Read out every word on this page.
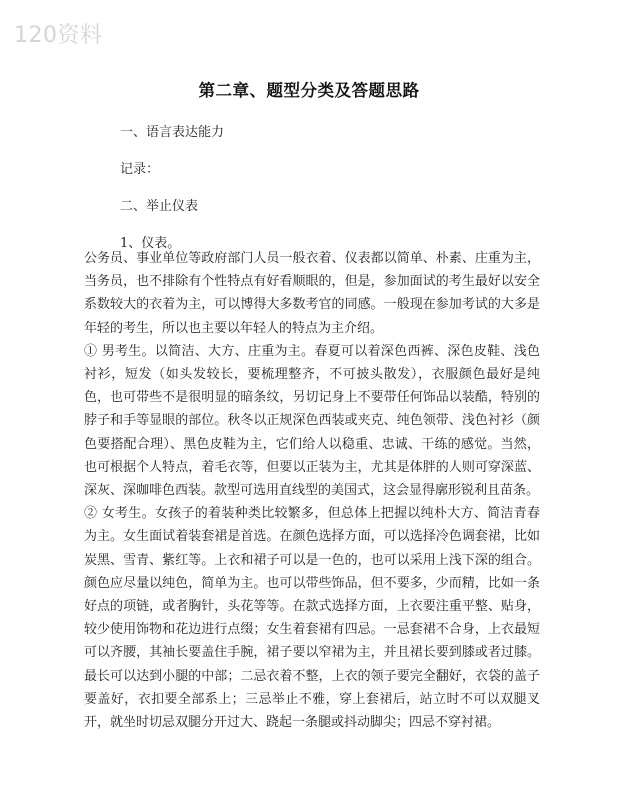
120资料
第二章、题型分类及答题思路
一、语言表达能力
记录：
二、举止仪表
1、仪表。

公务员、事业单位等政府部门人员一般衣着、仪表都以简单、朴素、庄重为主，当务员，也不排除有个性特点有好看顺眼的，但是，参加面试的考生最好以安全系数较大的衣着为主，可以博得大多数考官的同感。一般现在参加考试的大多是年轻的考生，所以也主要以年轻人的特点为主介绍。

① 男考生。以简洁、大方、庄重为主。春夏可以着深色西裤、深色皮鞋、浅色衬衫，短发（如头发较长，要梳理整齐，不可披头散发），衣服颜色最好是纯色，也可带些不是很明显的暗条纹，另切记身上不要带任何饰品以装酷，特别的脖子和手等显眼的部位。秋冬以正规深色西装或夹克、纯色领带、浅色衬衫（颜色要搭配合理）、黑色皮鞋为主，它们给人以稳重、忠诚、干练的感觉。当然，也可根据个人特点，着毛衣等，但要以正装为主，尤其是体胖的人则可穿深蓝、深灰、深咖啡色西装。款型可选用直线型的美国式，这会显得廓形锐利且苗条。

② 女考生。女孩子的着装种类比较繁多，但总体上把握以纯朴大方、简洁青春为主。女生面试着装套裙是首选。在颜色选择方面，可以选择冷色调套裙，比如炭黑、雪青、紫红等。上衣和裙子可以是一色的，也可以采用上浅下深的组合。颜色应尽量以纯色，简单为主。也可以带些饰品，但不要多，少而精，比如一条好点的项链，或者胸针，头花等等。在款式选择方面，上衣要注重平整、贴身，较少使用饰物和花边进行点缀；女生着套裙有四忌。一忌套裙不合身，上衣最短可以齐腰，其袖长要盖住手腕，裙子要以窄裙为主，并且裙长要到膝或者过膝。最长可以达到小腿的中部；二忌衣着不整，上衣的领子要完全翻好，衣袋的盖子要盖好，衣扣要全部系上；三忌举止不雅，穿上套裙后，站立时不可以双腿叉开，就坐时切忌双腿分开过大、跷起一条腿或抖动脚尖；四忌不穿衬裙。
